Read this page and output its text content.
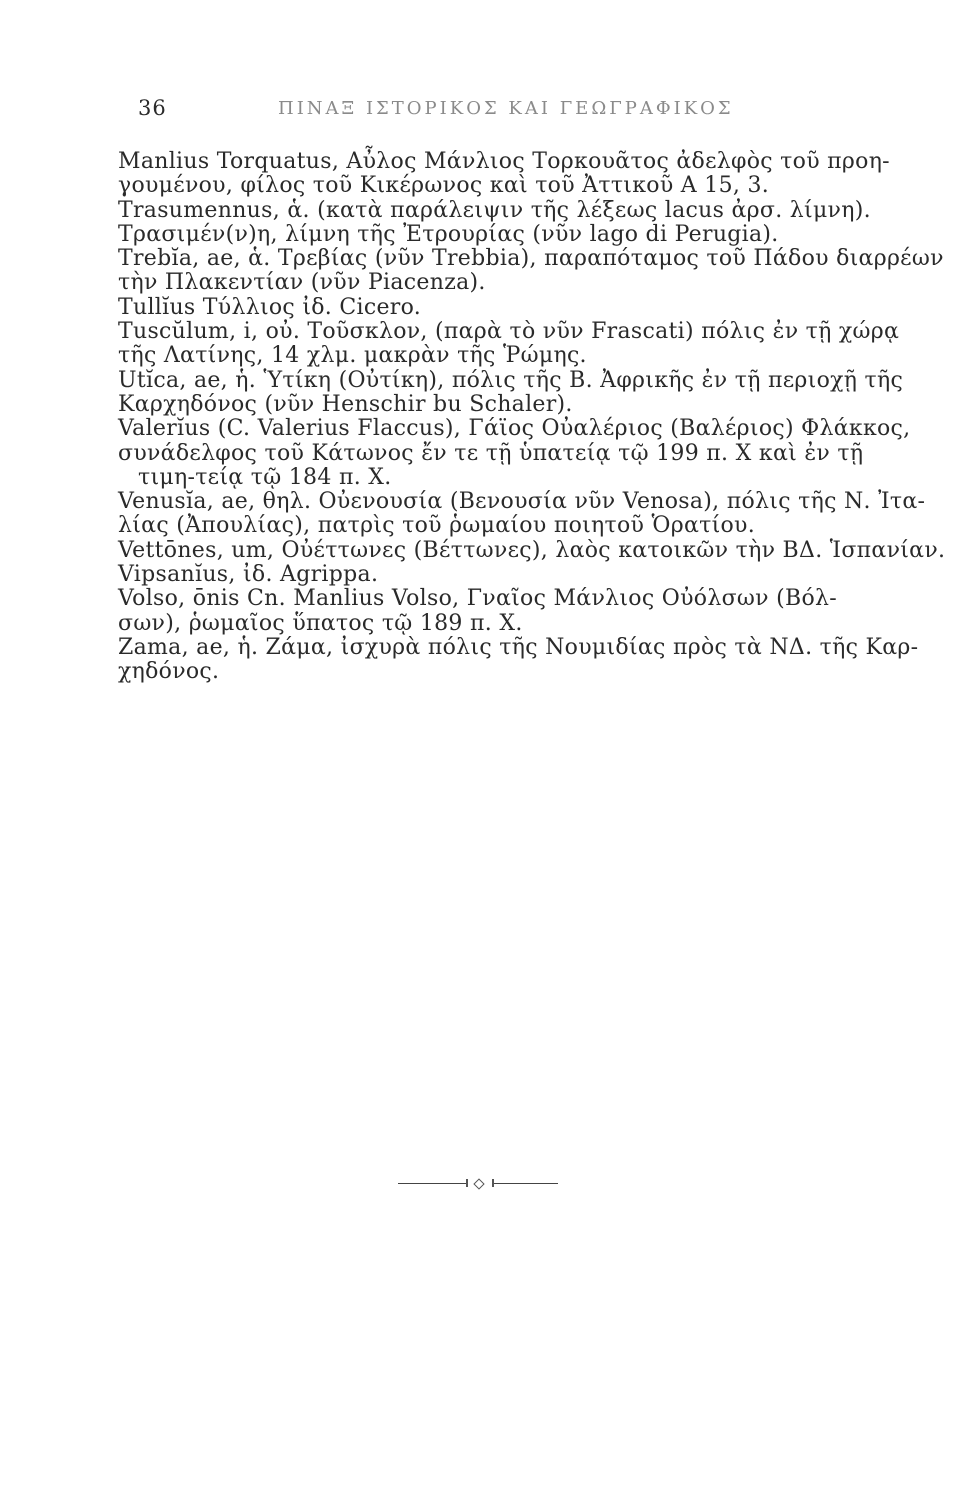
36	ΠΙΝΑΞ ΙΣΤΟΡΙΚΟΣ ΚΑΙ ΓΕΩΓΡΑΦΙΚΟΣ

Manlius Torquatus, Αὖλος Μάνλιος Τορκουᾶτος ἀδελφὸς τοῦ προη-
γουμένου, φίλος τοῦ Κικέρωνος καὶ τοῦ Ἀττικοῦ Α 15, 3.

Trasumennus, ἁ. (κατὰ παράλειψιν τῆς λέξεως lacus ἀρσ. λίμνη).
Τρασιμέν(ν)η, λίμνη τῆς Ἐτρουρίας (νῦν lago di Perugia).

Trebĭa, ae, ἁ. Τρεβίας (νῦν Trebbia), παραπόταμος τοῦ Πάδου διαρρέων
τὴν Πλακεντίαν (νῦν Piacenza).

Tullĭus Τύλλιος ἰδ. Cicero.

Tuscŭlum, i, οὐ. Τοῦσκλον, (παρὰ τὸ νῦν Frascati) πόλις ἐν τῇ χώρᾳ
τῆς Λατίνης, 14 χλμ. μακρὰν τῆς Ῥώμης.

Utĭca, ae, ἡ. Ὑτίκη (Οὐτίκη), πόλις τῆς Β. Ἀφρικῆς ἐν τῇ περιοχῇ τῆς
Καρχηδόνος (νῦν Henschir bu Schaler).

Valerĭus (C. Valerius Flaccus), Γάϊος Οὐαλέριος (Βαλέριος) Φλάκκος,
συνάδελφος τοῦ Κάτωνος ἔν τε τῇ ὑπατείᾳ τῷ 199 π. Χ καὶ ἐν τῇ τιμη-τείᾳ τῷ 184 π. Χ.

Venusĭa, ae, θηλ. Οὐενουσία (Βενουσία νῦν Venosa), πόλις τῆς Ν. Ἰτα-
λίας (Ἀπουλίας), πατρὶς τοῦ ῥωμαίου ποιητοῦ Ὁρατίου.

Vettōnes, um, Οὐέττωνες (Βέττωνες), λαὸς κατοικῶν τὴν ΒΔ. Ἱσπανίαν.

Vipsanĭus, ἰδ. Agrippa.

Volso, ōnis Cn. Manlius Volso, Γναῖος Μάνλιος Οὐόλσων (Βόλ-
σων), ῥωμαῖος ὕπατος τῷ 189 π. Χ.

Zama, ae, ἡ. Ζάμα, ἰσχυρὰ πόλις τῆς Νουμιδίας πρὸς τὰ ΝΔ. τῆς Καρ-
χηδόνος.
